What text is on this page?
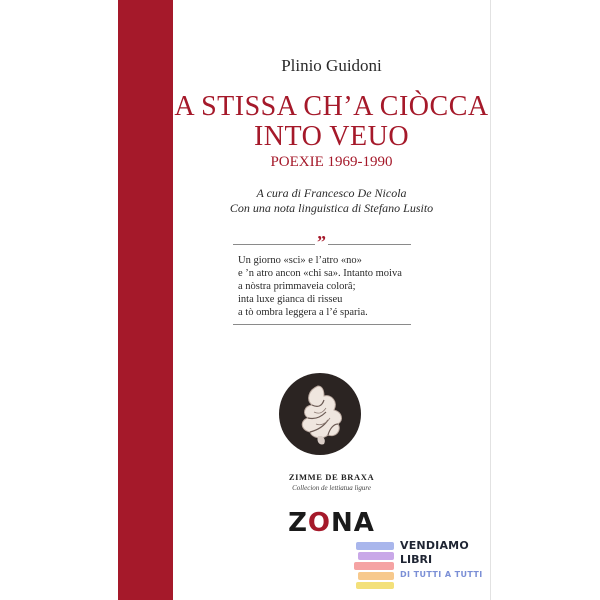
Plinio Guidoni
A STISSA CH’A CIÒCCA
INTO VEUO
POEXIE 1969-1990
A cura di Francesco De Nicola
Con una nota linguistica di Stefano Lusito
”
Un giorno «sci» e l’atro «no»
e ’n atro ancon «chi sa». Intanto moiva
a nòstra primmaveia colorâ;
inta luxe gianca di risseu
a tò ombra leggera a l’é sparia.
ZIMME DE BRAXA
Collecion de lettiatua ligure
ZONA
VENDIAMO
LIBRI
DI TUTTI A TUTTI
